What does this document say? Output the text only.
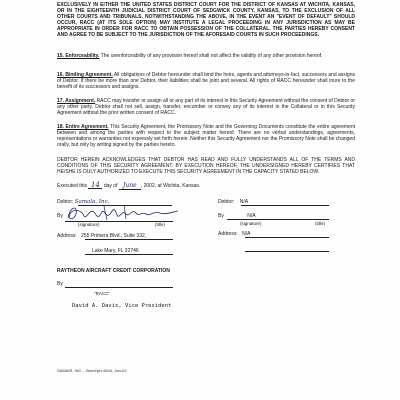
EXCLUSIVELY IN EITHER THE UNITED STATES DISTRICT COURT FOR THE DISTRICT OF KANSAS AT WICHITA, KANSAS, OR IN THE EIGHTEENTH JUDICIAL DISTRICT COURT OF SEDGWICK COUNTY, KANSAS, TO THE EXCLUSION OF ALL OTHER COURTS AND TRIBUNALS. NOTWITHSTANDING THE ABOVE, IN THE EVENT AN "EVENT OF DEFAULT" SHOULD OCCUR, RACC (AT ITS SOLE OPTION) MAY INSTITUTE A LEGAL PROCEEDING IN ANY JURISDICTION AS MAY BE APPROPRIATE IN ORDER FOR RACC TO OBTAIN POSSESSION OF THE COLLATERAL. THE PARTIES HEREBY CONSENT AND AGREE TO BE SUBJECT TO THE JURISDICTION OF THE AFORESAID COURTS IN SUCH PROCEEDINGS.
15. Enforceability. The unenforceability of any provision hereof shall not affect the validity of any other provision hereof.
16. Binding Agreement. All obligations of Debtor hereunder shall bind the heirs, agents and attorneys-in-fact, successors and assigns of Debtor. If there be more than one Debtor, their liabilities shall be joint and several. All rights of RACC hereunder shall inure to the benefit of its successors and assigns.
17. Assignment. RACC may transfer or assign all or any part of its interest in this Security Agreement without the consent of Debtor or any other party. Debtor shall not sell, assign, transfer, encumber or convey any of its interest in the Collateral or in this Security Agreement without the prior written consent of RACC.
18. Entire Agreement. This Security Agreement, the Promissory Note and the Governing Documents constitute the entire agreement between and among the parties with respect to the subject matter hereof. There are no verbal understandings, agreements, representations or warranties not expressly set forth herein. Neither this Security Agreement nor the Promissory Note shall be changed orally, but only by writing signed by the parties hereto.
DEBTOR HEREIN ACKNOWLEDGES THAT DEBTOR HAS READ AND FULLY UNDERSTANDS ALL OF THE TERMS AND CONDITIONS OF THIS SECURITY AGREEMENT. BY EXECUTION HEREOF, THE UNDERSIGNED HEREBY CERTIFIES THAT HE/SHE IS DULY AUTHORIZED TO EXECUTE THIS SECURITY AGREEMENT IN THE CAPACITY STATED BELOW.
Executed this 14 day of June , 2002, at Wichita, Kansas.
Debtor: Samala, Inc.
By
(signature)	(title)
Address: 255 Primera Blvd., Suite 332,
Lake Mary, FL 32746
Debtor: N/A
By	N/A
(signature)	(title)
Address: N/A
RAYTHEON AIRCRAFT CREDIT CORPORATION
By
"RACC"
David A. Davis, Vice President
SAMAIR, INC. - Beechjet 400A, Jan-02
